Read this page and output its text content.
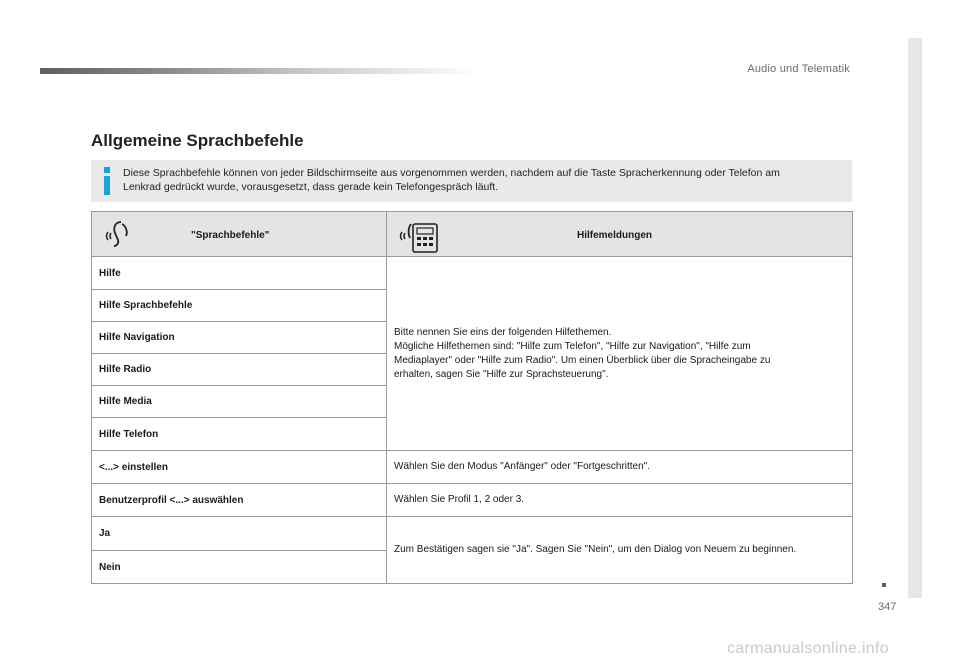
Audio und Telematik
Allgemeine Sprachbefehle
Diese Sprachbefehle können von jeder Bildschirmseite aus vorgenommen werden, nachdem auf die Taste Spracherkennung oder Telefon am
Lenkrad gedrückt wurde, vorausgesetzt, dass gerade kein Telefongespräch läuft.
"Sprachbefehle"	Hilfemeldungen

Hilfe	Bitte nennen Sie eins der folgenden Hilfethemen.
Mögliche Hilfethemen sind: "Hilfe zum Telefon", "Hilfe zur Navigation", "Hilfe zum
Mediaplayer" oder "Hilfe zum Radio". Um einen Überblick über die Spracheingabe zu
erhalten, sagen Sie "Hilfe zur Sprachsteuerung".

Hilfe Sprachbefehle	
Hilfe Navigation	
Hilfe Radio	
Hilfe Media	
Hilfe Telefon	
<...> einstellen	Wählen Sie den Modus "Anfänger" oder "Fortgeschritten".
Benutzerprofil <...> auswählen	Wählen Sie Profil 1, 2 oder 3.
Ja	Zum Bestätigen sagen sie "Ja". Sagen Sie "Nein", um den Dialog von Neuem zu beginnen.
Nein	
347
carmanualsonline.info
